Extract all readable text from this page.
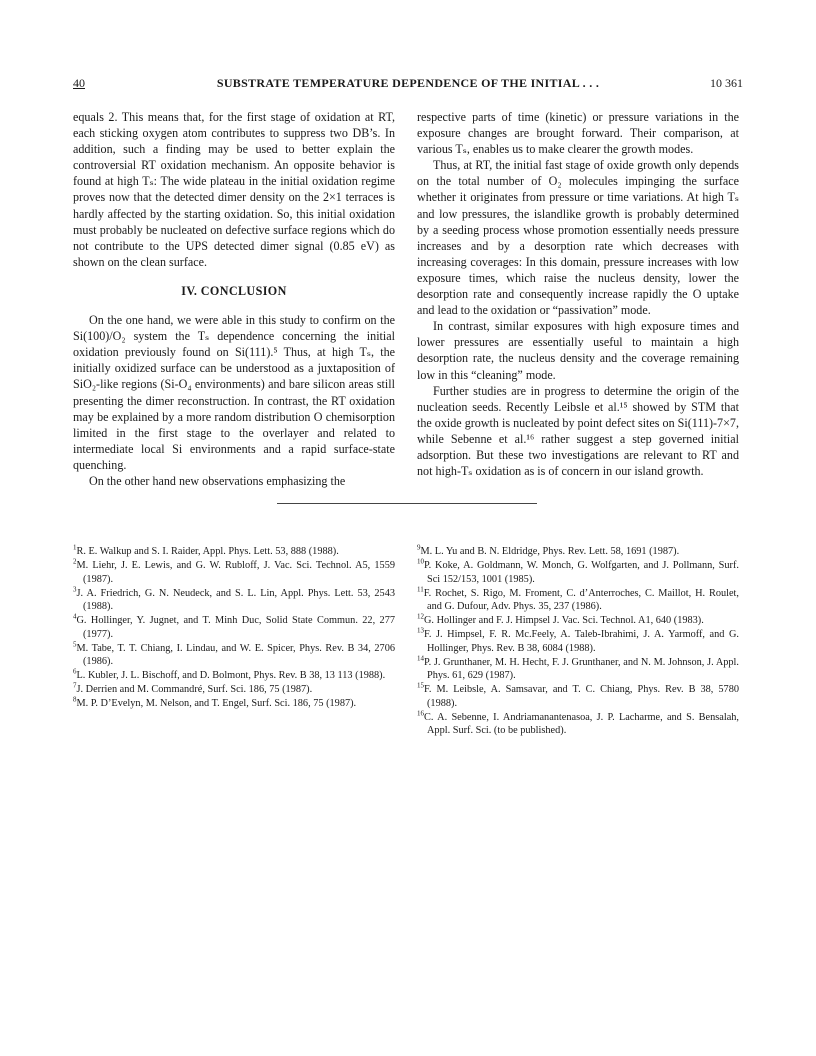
40	SUBSTRATE TEMPERATURE DEPENDENCE OF THE INITIAL . . .	10 361

equals 2. This means that, for the first stage of oxidation at RT, each sticking oxygen atom contributes to suppress two DB’s. In addition, such a finding may be used to better explain the controversial RT oxidation mechanism. An opposite behavior is found at high Tₛ: The wide plateau in the initial oxidation regime proves now that the detected dimer density on the 2×1 terraces is hardly affected by the starting oxidation. So, this initial oxidation must probably be nucleated on defective surface regions which do not contribute to the UPS detected dimer signal (0.85 eV) as shown on the clean surface.

IV. CONCLUSION

On the one hand, we were able in this study to confirm on the Si(100)/O₂ system the Tₛ dependence concerning the initial oxidation previously found on Si(111).⁵ Thus, at high Tₛ, the initially oxidized surface can be understood as a juxtaposition of SiO₂-like regions (Si-O₄ environments) and bare silicon areas still presenting the dimer reconstruction. In contrast, the RT oxidation may be explained by a more random distribution O chemisorption limited in the first stage to the overlayer and related to intermediate local Si environments and a rapid surface-state quenching.

On the other hand new observations emphasizing the

respective parts of time (kinetic) or pressure variations in the exposure changes are brought forward. Their comparison, at various Tₛ, enables us to make clearer the growth modes.

Thus, at RT, the initial fast stage of oxide growth only depends on the total number of O₂ molecules impinging the surface whether it originates from pressure or time variations. At high Tₛ and low pressures, the islandlike growth is probably determined by a seeding process whose promotion essentially needs pressure increases and by a desorption rate which decreases with increasing coverages: In this domain, pressure increases with low exposure times, which raise the nucleus density, lower the desorption rate and consequently increase rapidly the O uptake and lead to the oxidation or “passivation” mode.

In contrast, similar exposures with high exposure times and lower pressures are essentially useful to maintain a high desorption rate, the nucleus density and the coverage remaining low in this “cleaning” mode.

Further studies are in progress to determine the origin of the nucleation seeds. Recently Leibsle et al.¹⁵ showed by STM that the oxide growth is nucleated by point defect sites on Si(111)-7×7, while Sebenne et al.¹⁶ rather suggest a step governed initial adsorption. But these two investigations are relevant to RT and not high-Tₛ oxidation as is of concern in our island growth.

$^1$R. E. Walkup and S. I. Raider, Appl. Phys. Lett. 53, 888 (1988).

$^2$M. Liehr, J. E. Lewis, and G. W. Rubloff, J. Vac. Sci. Technol. A5, 1559 (1987).

$^3$J. A. Friedrich, G. N. Neudeck, and S. L. Lin, Appl. Phys. Lett. 53, 2543 (1988).

$^4$G. Hollinger, Y. Jugnet, and T. Minh Duc, Solid State Commun. 22, 277 (1977).

$^5$M. Tabe, T. T. Chiang, I. Lindau, and W. E. Spicer, Phys. Rev. B 34, 2706 (1986).

$^6$L. Kubler, J. L. Bischoff, and D. Bolmont, Phys. Rev. B 38, 13 113 (1988).

$^7$J. Derrien and M. Commandré, Surf. Sci. 186, 75 (1987).

$^8$M. P. D’Evelyn, M. Nelson, and T. Engel, Surf. Sci. 186, 75 (1987).

$^9$M. L. Yu and B. N. Eldridge, Phys. Rev. Lett. 58, 1691 (1987).

$^{10}$P. Koke, A. Goldmann, W. Monch, G. Wolfgarten, and J. Pollmann, Surf. Sci 152/153, 1001 (1985).

$^{11}$F. Rochet, S. Rigo, M. Froment, C. d’Anterroches, C. Maillot, H. Roulet, and G. Dufour, Adv. Phys. 35, 237 (1986).

$^{12}$G. Hollinger and F. J. Himpsel J. Vac. Sci. Technol. A1, 640 (1983).

$^{13}$F. J. Himpsel, F. R. Mc.Feely, A. Taleb-Ibrahimi, J. A. Yarmoff, and G. Hollinger, Phys. Rev. B 38, 6084 (1988).

$^{14}$P. J. Grunthaner, M. H. Hecht, F. J. Grunthaner, and N. M. Johnson, J. Appl. Phys. 61, 629 (1987).

$^{15}$F. M. Leibsle, A. Samsavar, and T. C. Chiang, Phys. Rev. B 38, 5780 (1988).

$^{16}$C. A. Sebenne, I. Andriamanantenasoa, J. P. Lacharme, and S. Bensalah, Appl. Surf. Sci. (to be published).
